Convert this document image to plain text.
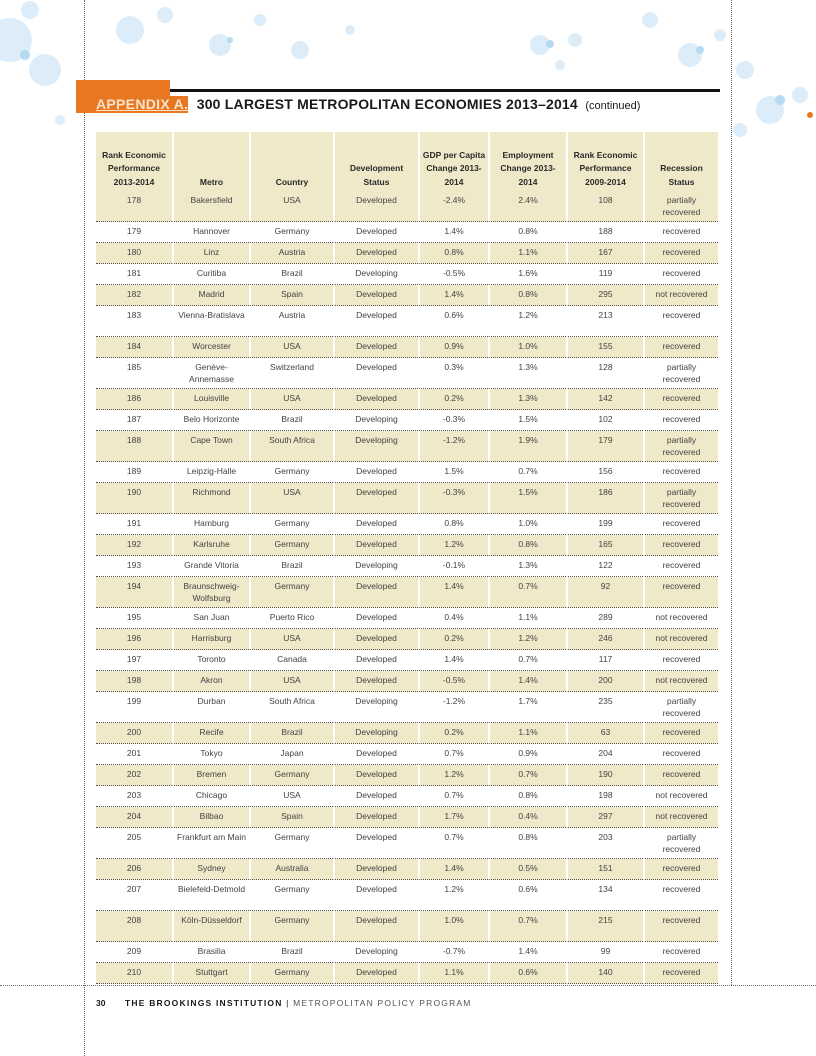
APPENDIX A. 300 LARGEST METROPOLITAN ECONOMIES 2013–2014 (continued)
Rank Economic Performance 2013-2014	Metro	Country	Development Status	GDP per Capita Change 2013-2014	Employment Change 2013-2014	Rank Economic Performance 2009-2014	Recession Status
178	Bakersfield	USA	Developed	-2.4%	2.4%	108	partially recovered
179	Hannover	Germany	Developed	1.4%	0.8%	188	recovered
180	Linz	Austria	Developed	0.8%	1.1%	167	recovered
181	Curitiba	Brazil	Developing	-0.5%	1.6%	119	recovered
182	Madrid	Spain	Developed	1.4%	0.8%	295	not recovered
183	Vienna-Bratislava	Austria	Developed	0.6%	1.2%	213	recovered
184	Worcester	USA	Developed	0.9%	1.0%	155	recovered
185	Genève-Annemasse	Switzerland	Developed	0.3%	1.3%	128	partially recovered
186	Louisville	USA	Developed	0.2%	1.3%	142	recovered
187	Belo Horizonte	Brazil	Developing	-0.3%	1.5%	102	recovered
188	Cape Town	South Africa	Developing	-1.2%	1.9%	179	partially recovered
189	Leipzig-Halle	Germany	Developed	1.5%	0.7%	156	recovered
190	Richmond	USA	Developed	-0.3%	1.5%	186	partially recovered
191	Hamburg	Germany	Developed	0.8%	1.0%	199	recovered
192	Karlsruhe	Germany	Developed	1.2%	0.8%	165	recovered
193	Grande Vitoria	Brazil	Developing	-0.1%	1.3%	122	recovered
194	Braunschweig-Wolfsburg	Germany	Developed	1.4%	0.7%	92	recovered
195	San Juan	Puerto Rico	Developed	0.4%	1.1%	289	not recovered
196	Harrisburg	USA	Developed	0.2%	1.2%	246	not recovered
197	Toronto	Canada	Developed	1.4%	0.7%	117	recovered
198	Akron	USA	Developed	-0.5%	1.4%	200	not recovered
199	Durban	South Africa	Developing	-1.2%	1.7%	235	partially recovered
200	Recife	Brazil	Developing	0.2%	1.1%	63	recovered
201	Tokyo	Japan	Developed	0.7%	0.9%	204	recovered
202	Bremen	Germany	Developed	1.2%	0.7%	190	recovered
203	Chicago	USA	Developed	0.7%	0.8%	198	not recovered
204	Bilbao	Spain	Developed	1.7%	0.4%	297	not recovered
205	Frankfurt am Main	Germany	Developed	0.7%	0.8%	203	partially recovered
206	Sydney	Australia	Developed	1.4%	0.5%	151	recovered
207	Bielefeld-Detmold	Germany	Developed	1.2%	0.6%	134	recovered
208	Köln-Düsseldorf	Germany	Developed	1.0%	0.7%	215	recovered
209	Brasilia	Brazil	Developing	-0.7%	1.4%	99	recovered
210	Stuttgart	Germany	Developed	1.1%	0.6%	140	recovered
30 THE BROOKINGS INSTITUTION | METROPOLITAN POLICY PROGRAM
